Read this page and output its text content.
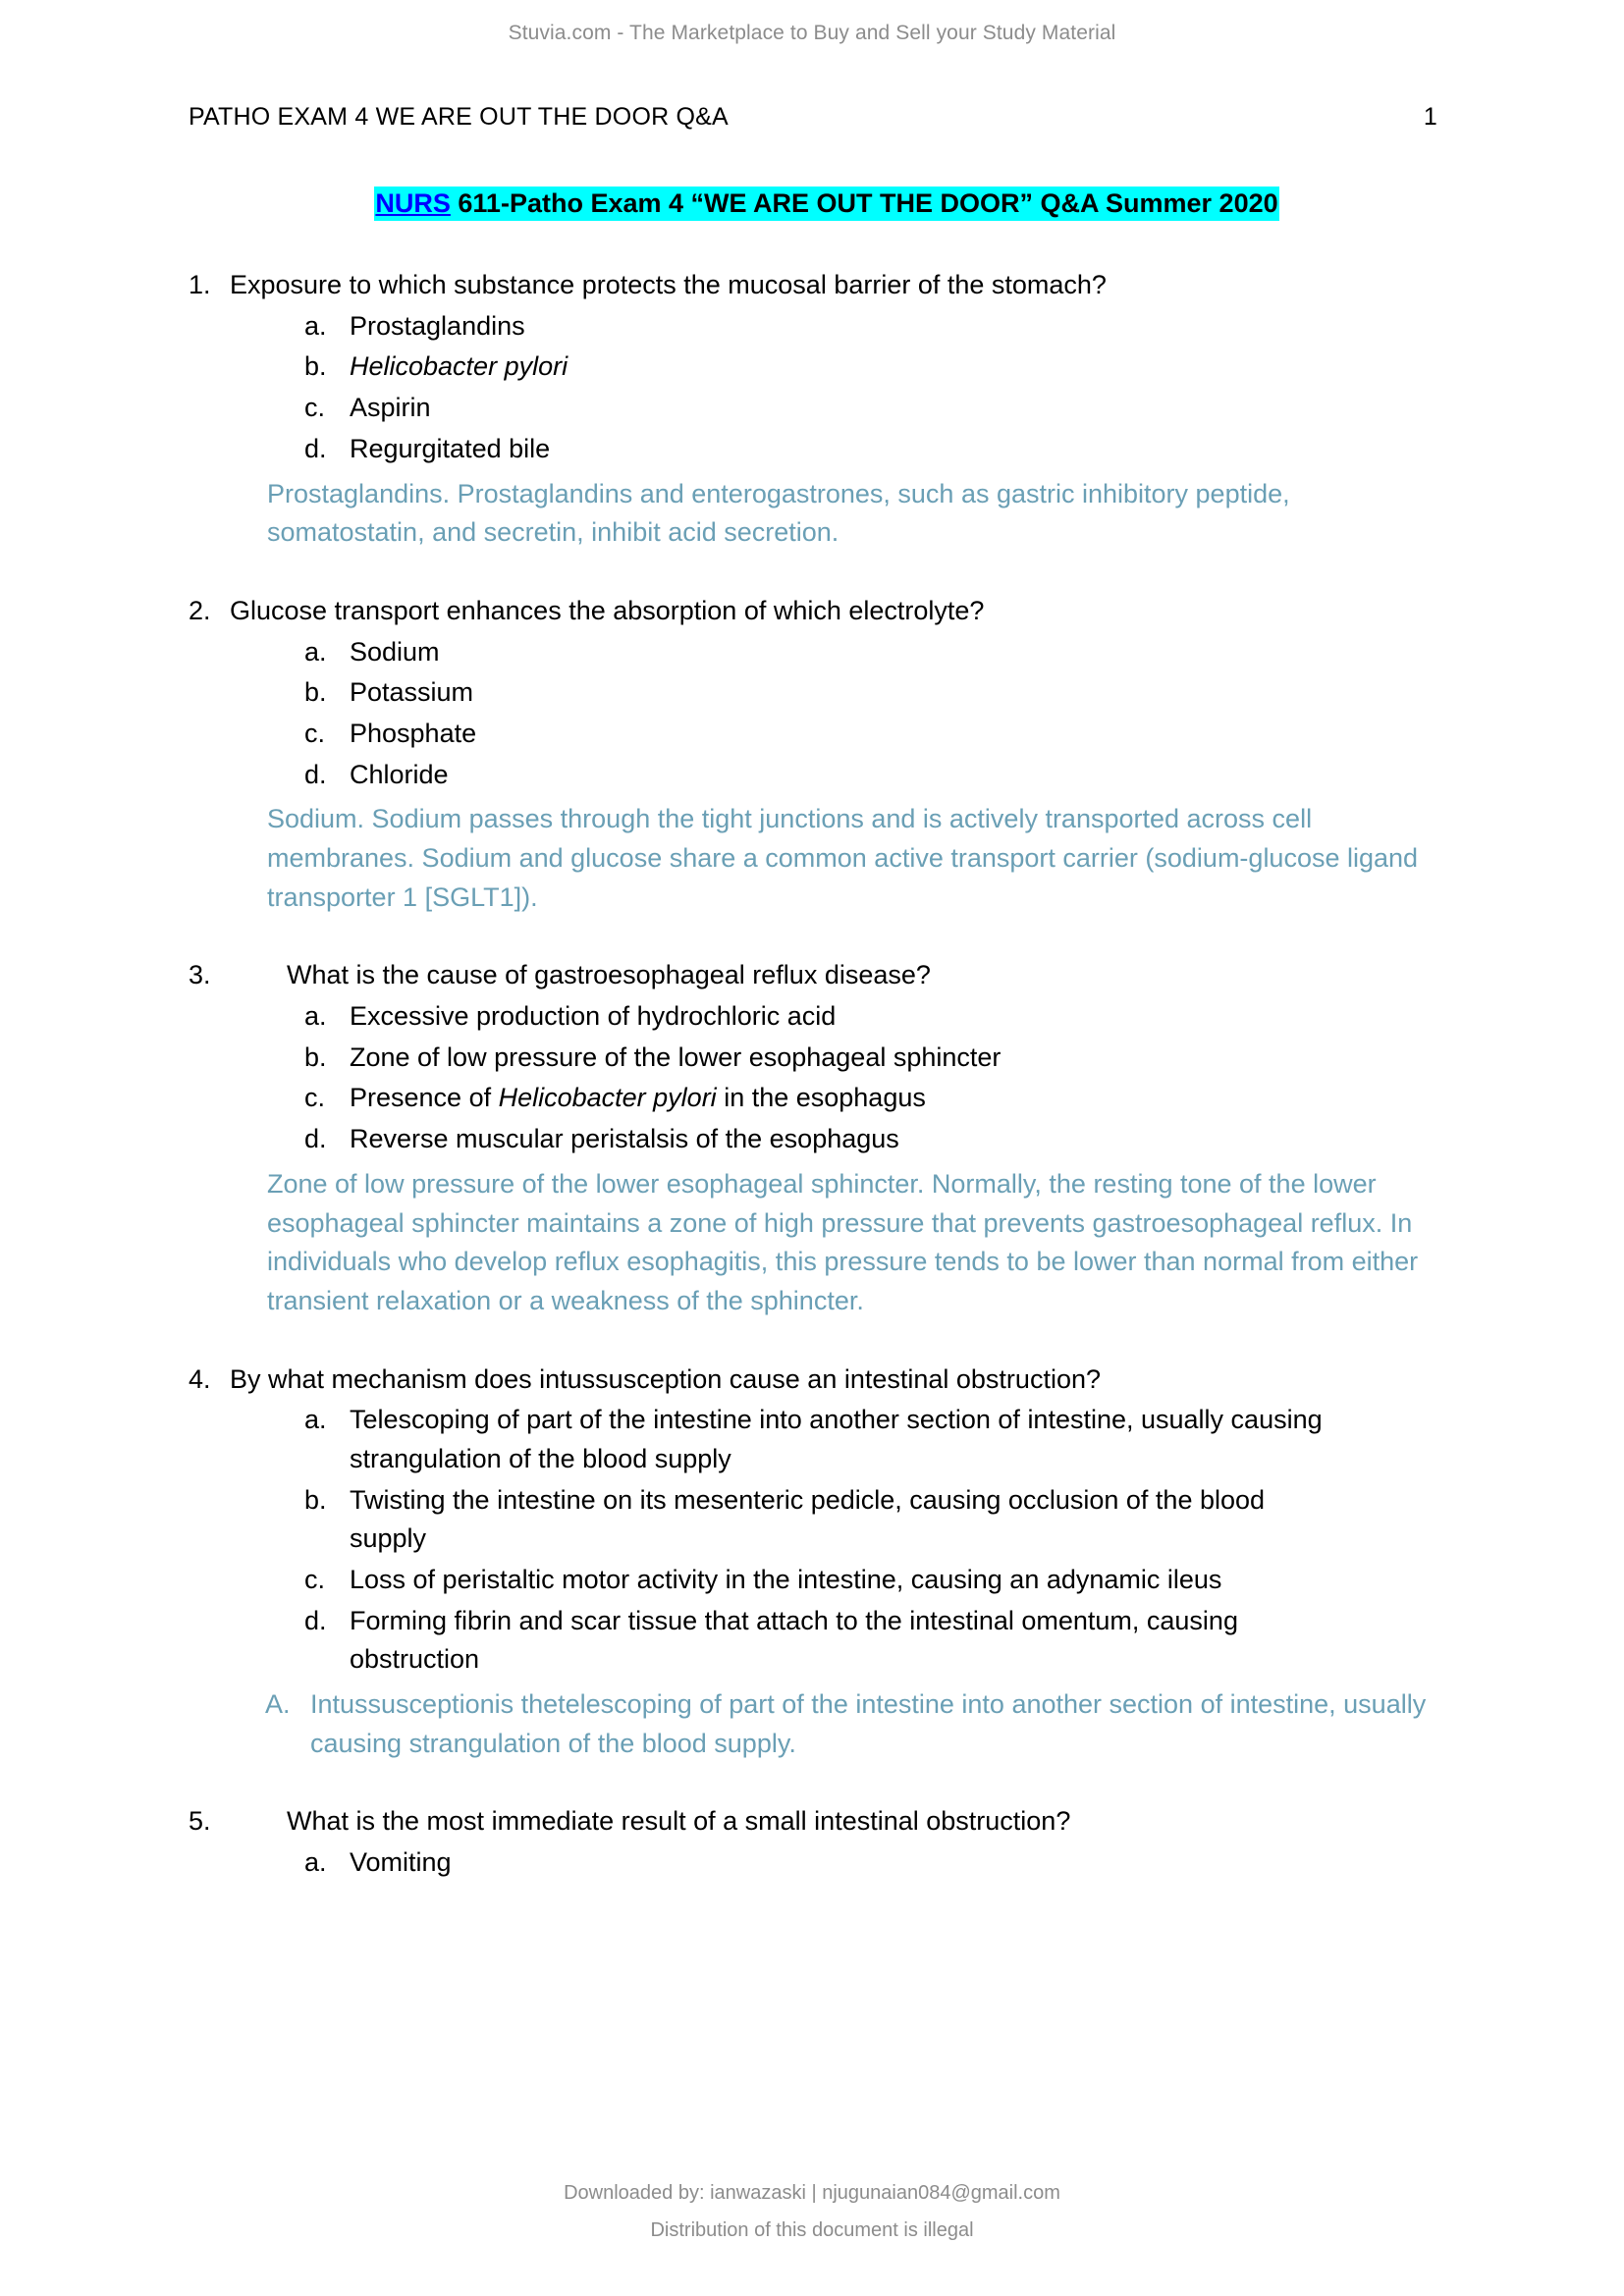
Stuvia.com - The Marketplace to Buy and Sell your Study Material
PATHO EXAM 4 WE ARE OUT THE DOOR Q&A	1
NURS 611-Patho Exam 4 “WE ARE OUT THE DOOR” Q&A Summer 2020
1. Exposure to which substance protects the mucosal barrier of the stomach?
a. Prostaglandins
b. Helicobacter pylori
c. Aspirin
d. Regurgitated bile
Prostaglandins. Prostaglandins and enterogastrones, such as gastric inhibitory peptide, somatostatin, and secretin, inhibit acid secretion.
2. Glucose transport enhances the absorption of which electrolyte?
a. Sodium
b. Potassium
c. Phosphate
d. Chloride
Sodium. Sodium passes through the tight junctions and is actively transported across cell membranes. Sodium and glucose share a common active transport carrier (sodium-glucose ligand transporter 1 [SGLT1]).
3.	What is the cause of gastroesophageal reflux disease?
a. Excessive production of hydrochloric acid
b. Zone of low pressure of the lower esophageal sphincter
c. Presence of Helicobacter pylori in the esophagus
d. Reverse muscular peristalsis of the esophagus
Zone of low pressure of the lower esophageal sphincter. Normally, the resting tone of the lower esophageal sphincter maintains a zone of high pressure that prevents gastroesophageal reflux. In individuals who develop reflux esophagitis, this pressure tends to be lower than normal from either transient relaxation or a weakness of the sphincter.
4. By what mechanism does intussusception cause an intestinal obstruction?
a. Telescoping of part of the intestine into another section of intestine, usually causing strangulation of the blood supply
b. Twisting the intestine on its mesenteric pedicle, causing occlusion of the blood supply
c. Loss of peristaltic motor activity in the intestine, causing an adynamic ileus
d. Forming fibrin and scar tissue that attach to the intestinal omentum, causing obstruction
A. Intussusceptionis thetelescoping of part of the intestine into another section of intestine, usually causing strangulation of the blood supply.
5.	What is the most immediate result of a small intestinal obstruction?
a. Vomiting
Downloaded by: ianwazaski | njugunaian084@gmail.com
Distribution of this document is illegal
